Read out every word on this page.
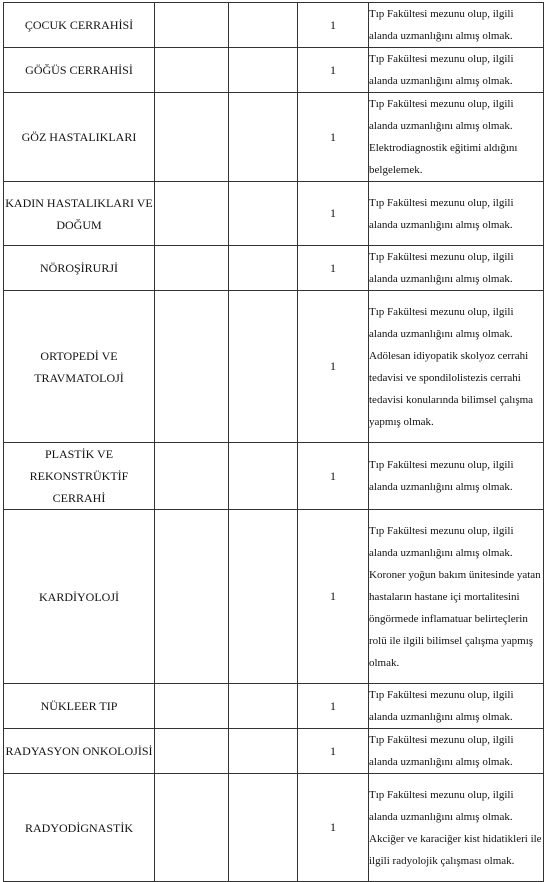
ÇOCUK CERRAHİSİ			1	Tıp Fakültesi mezunu olup, ilgili alanda uzmanlığını almış olmak.
GÖĞÜS CERRAHİSİ			1	Tıp Fakültesi mezunu olup, ilgili alanda uzmanlığını almış olmak.
GÖZ HASTALIKLARI			1	Tıp Fakültesi mezunu olup, ilgili alanda uzmanlığını almış olmak. Elektrodiagnostik eğitimi aldığını belgelemek.
KADIN HASTALIKLARI VE DOĞUM			1	Tıp Fakültesi mezunu olup, ilgili alanda uzmanlığını almış olmak.
NÖROŞİRURJİ			1	Tıp Fakültesi mezunu olup, ilgili alanda uzmanlığını almış olmak.
ORTOPEDİ VE TRAVMATOLOJİ			1	Tıp Fakültesi mezunu olup, ilgili alanda uzmanlığını almış olmak. Adölesan idiyopatik skolyoz cerrahi tedavisi ve spondilolistezis cerrahi tedavisi konularında bilimsel çalışma yapmış olmak.
PLASTİK VE REKONSTRÜKTİF CERRAHİ			1	Tıp Fakültesi mezunu olup, ilgili alanda uzmanlığını almış olmak.
KARDİYOLOJİ			1	Tıp Fakültesi mezunu olup, ilgili alanda uzmanlığını almış olmak. Koroner yoğun bakım ünitesinde yatan hastaların hastane içi mortalitesini öngörmede inflamatuar belirteçlerin rolü ile ilgili bilimsel çalışma yapmış olmak.
NÜKLEER TIP			1	Tıp Fakültesi mezunu olup, ilgili alanda uzmanlığını almış olmak.
RADYASYON ONKOLOJİSİ			1	Tıp Fakültesi mezunu olup, ilgili alanda uzmanlığını almış olmak.
RADYODİGNASTİK			1	Tıp Fakültesi mezunu olup, ilgili alanda uzmanlığını almış olmak. Akciğer ve karaciğer kist hidatikleri ile ilgili radyolojik çalışması olmak.
